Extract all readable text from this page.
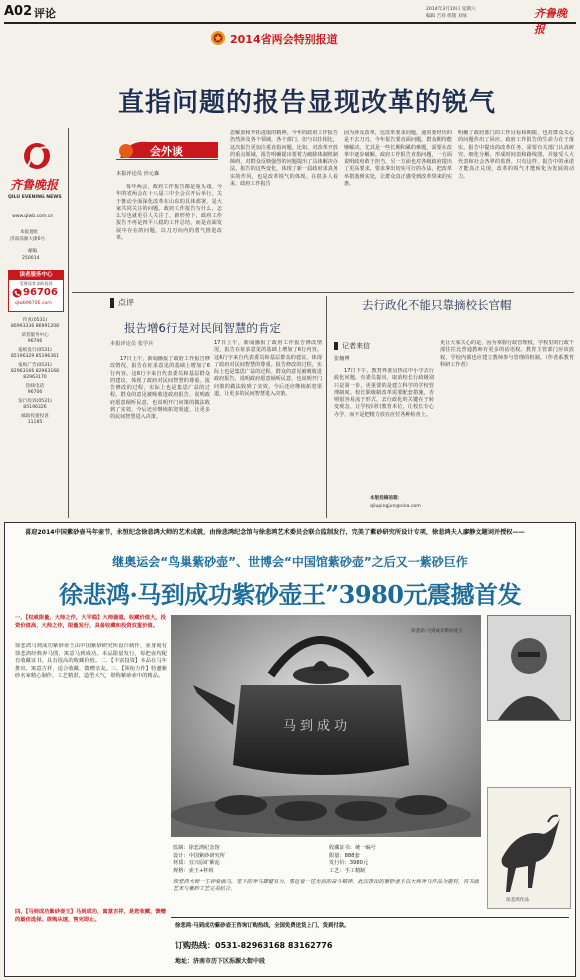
A02 评论	2014年3月10日 星期六
编辑 吉祥 组版 刘易	齐鲁晚报
2014省两会特别报道
直指问题的报告显现改革的锐气
齐鲁晚报
QILU EVENING NEWS
www.qlwb.com.cn
本报地址
济南泺源大街6号
邮编
250014
读者服务中心
受理读者求助投诉
96706
qlwb96706.com
传真(0531)
86993336 86991208
读者服务中心
96706
报纸发行(0531)
85196329 85196361
报纸广告(0531)
82963166 82963168 82963170
热线电话
96706
发行投诉(0531)
85196326
邮政投递投诉
11185
会外谈
本报评论员 沙元森
每年两会，政府工作报告都是重头戏。今年的省两会在十八届三中全会召开后举行，关于推动全面深化改革在山东的具体部署，是大家共同关注的问题。政府工作报告写什么、怎么写也就更引人关注了。新形势下，政府工作报告不再是四平八稳的工作总结，而是直面发展中存在的问题，以刀刃向内的勇气推进改革。
思解放和开拓进取的精神。今年的政府工作报告仍然涉及各个领域，各个部门，但与以往相比，这次报告更加注重直指问题。比如，对改革开放的重点领域，报告明确提出要着力破除体制机制障碍，对群众反映强烈的问题提出了具体解决办法。报告的这些变化，体现了新一届政府求真务实的作风，也是改革锐气的体现。在很多人看来，政府工作报告
固为涉及改革，比改革要求问题，通常要经历的是不去刀刃，今年报告要直面问题，群众期待能够解决。尤其是一些长期积累的难题，需要在改革中逐步破解。政府工作报告直指问题，一方面说明政府敢于担当，另一方面也对各级政府提出了更高要求，要求拿出切实可行的办法，把改革举措落到实处，让群众真正感受到改革带来的实惠。
明确了政府部门的工作目标和期限，也对群众关心的问题作出了回应。政府工作报告的生命力在于落实。报告中提出的改革任务，需要有关部门认真研究、细化分解，形成时间表和路线图，并接受人大代表和社会各界的监督。只有这样，报告中的承诺才能真正兑现，改革的锐气才能转化为发展的动力。
点评
报告增6行是对民间智慧的肯定
本报评论员 张学兵
17日上午，新闻播报了政府工作报告修改情况，报告在征求意见的基础上增加了6行内容。这6行字来自代表委员和基层群众的建议，体现了政府对民间智慧的尊重。报告修改的过程，实际上也是集思广益的过程。群众的意见被吸收进政府报告，说明政府愿意倾听民意，也说明开门问策的做法收到了实效。今后还应继续拓宽渠道，让更多的民间智慧进入决策。
17日上午，新闻播报了政府工作报告修改情况，报告在征求意见的基础上增加了6行内容。这6行字来自代表委员和基层群众的建议，体现了政府对民间智慧的尊重。报告修改的过程，实际上也是集思广益的过程。群众的意见被吸收进政府报告，说明政府愿意倾听民意，也说明开门问策的做法收到了实效。今后还应继续拓宽渠道，让更多的民间智慧进入决策。
去行政化不能只靠摘校长官帽
记者来信
张楠博
17日下午，教育界委员热议中小学去行政化问题。有委员提出，取消校长行政级别只是第一步，更重要的是建立科学的学校管理制度。校长职级制改革需要配套措施，否则很容易流于形式。去行政化的关键在于转变观念，让学校回归教育本位，让校长专心办学，而不是把精力放在应付各种检查上。
本版投稿信箱：
qilupingjun@sina.com
更让大家关心的是，因为掌握行政管理权，学校里的行政干部往往比普通教师有更多的话语权。教育主管部门应该放权，学校内部也应建立教师参与管理的机制。（作者系教育科研工作者）
喜迎2014中国紫砂壶马年壶节，永恒纪念徐悲鸿大师的艺术成就，由徐悲鸿纪念馆与徐悲鸿艺术委员会联合监制发行，完美了紫砂研究所设计专项，徐悲鸿夫人廖静文题词并授权——
继奥运会“鸟巢紫砂壶”、世博会“中国馆紫砂壶”之后又一紫砂巨作
徐悲鸿·马到成功紫砂壶王”3980元震撼首发
一、【权威限量，大师之作，大平稳】大师器道，收藏价值大，投资价值高，大师之作，限量发行，具备收藏和投资双重价值。
徐悲鸿马到成功紫砂壶王由中国紫砂研究所设计制作，壶身刻有徐悲鸿经典奔马图，寓意马到成功。本品限量发行，每把壶均配有收藏证书，具有很高的收藏价值。二、【丰富投资】本品在马年推出，寓意吉祥，适合收藏、馈赠亲友。三、【领衔力作】特邀紫砂名家精心制作，工艺精湛，造型大气，堪称紫砂壶中的精品。
四、【马到成功紫砂壶王】马到成功，寓意吉祥，是您收藏、馈赠的最佳选择。欲购从速，售完即止。
马到成功
徐悲鸿·马到成功紫砂壶王
徐悲鸿作品
监制：徐悲鸿纪念馆
设计：中国紫砂研究所
材质：宜兴原矿紫泥
规格：壶王+杯组
收藏证书：统一编号
限量：888套
发行价：3980元
工艺：手工精制
徐悲鸿大师一生钟爱画马，笔下的奔马雄健有力，象征着一往无前的奋斗精神。此次推出的紫砂壶王以大师奔马作品为题材，将书画艺术与紫砂工艺完美结合。
徐悲鸿·马到成功紫砂壶王咨询订购热线，全国免费送货上门，货到付款。
订购热线：0531-82963168 83162776
地址：济南市历下区泺源大街中段
